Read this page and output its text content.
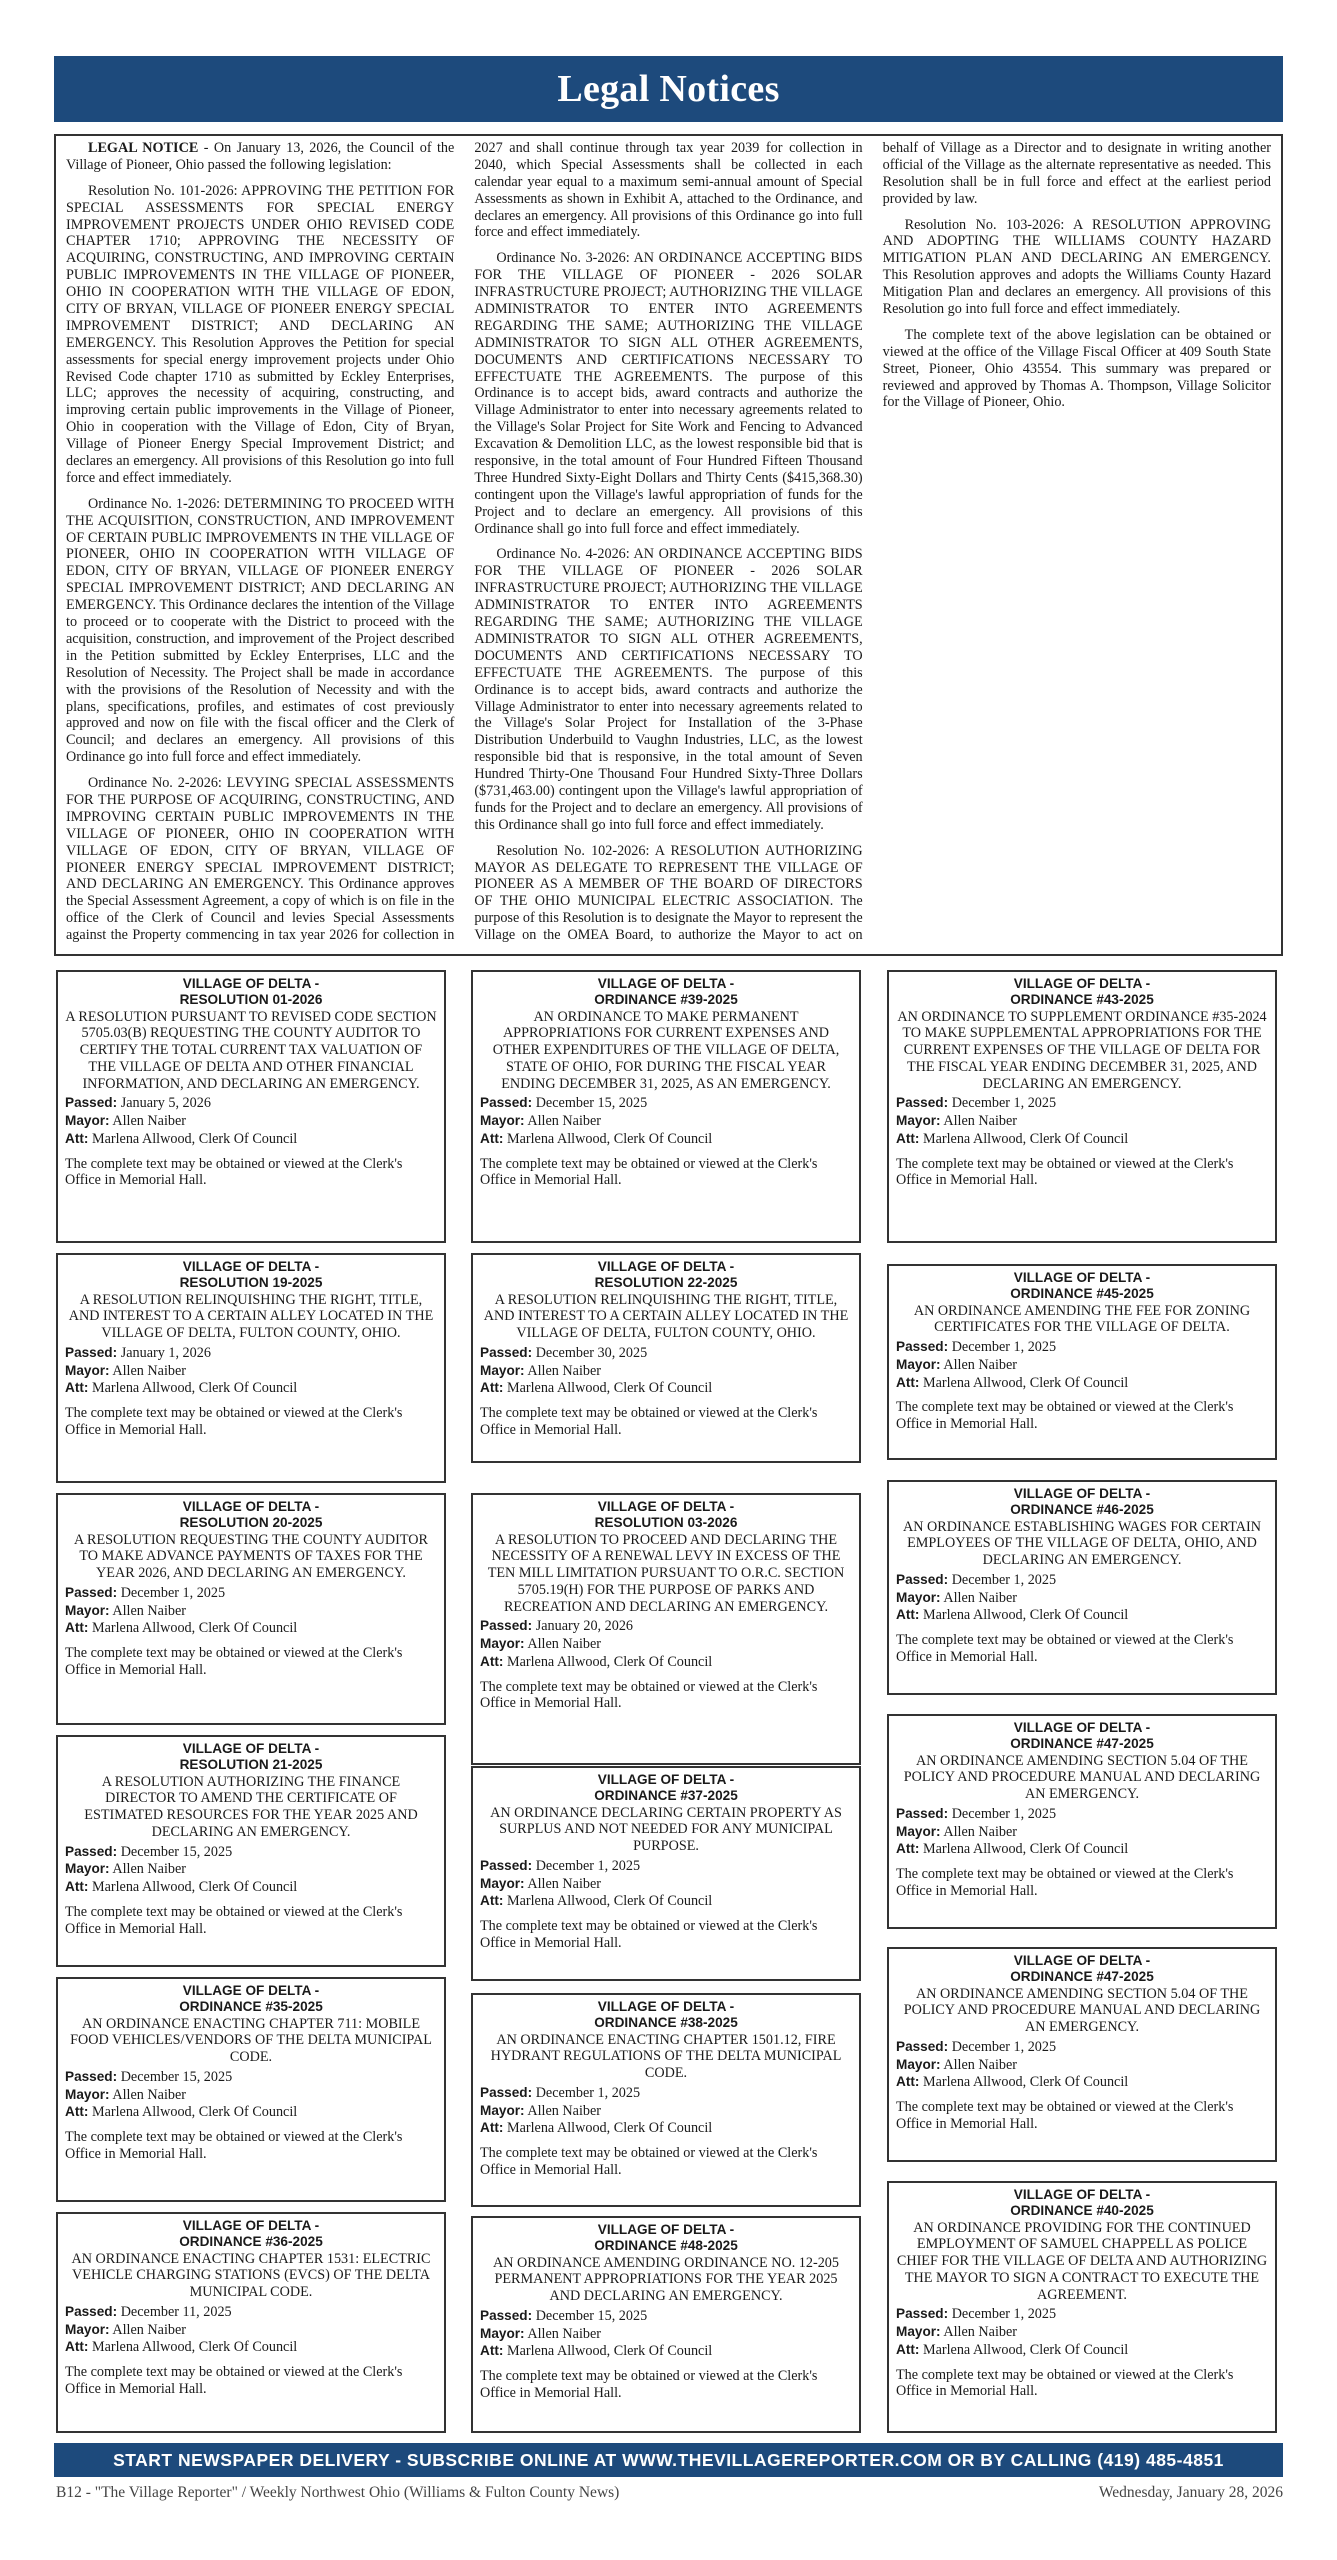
Legal Notices

LEGAL NOTICE - On January 13, 2026, the Council of the Village of Pioneer, Ohio passed the following legislation:

Resolution No. 101-2026: APPROVING THE PETITION FOR SPECIAL ASSESSMENTS FOR SPECIAL ENERGY IMPROVEMENT PROJECTS UNDER OHIO REVISED CODE CHAPTER 1710; APPROVING THE NECESSITY OF ACQUIRING, CONSTRUCTING, AND IMPROVING CERTAIN PUBLIC IMPROVEMENTS IN THE VILLAGE OF PIONEER, OHIO IN COOPERATION WITH THE VILLAGE OF EDON, CITY OF BRYAN, VILLAGE OF PIONEER ENERGY SPECIAL IMPROVEMENT DISTRICT; AND DECLARING AN EMERGENCY. This Resolution Approves the Petition for special assessments for special energy improvement projects under Ohio Revised Code chapter 1710 as submitted by Eckley Enterprises, LLC; approves the necessity of acquiring, constructing, and improving certain public improvements in the Village of Pioneer, Ohio in cooperation with the Village of Edon, City of Bryan, Village of Pioneer Energy Special Improvement District; and declares an emergency. All provisions of this Resolution go into full force and effect immediately.

Ordinance No. 1-2026: DETERMINING TO PROCEED WITH THE ACQUISITION, CONSTRUCTION, AND IMPROVEMENT OF CERTAIN PUBLIC IMPROVEMENTS IN THE VILLAGE OF PIONEER, OHIO IN COOPERATION WITH VILLAGE OF EDON, CITY OF BRYAN, VILLAGE OF PIONEER ENERGY SPECIAL IMPROVEMENT DISTRICT; AND DECLARING AN EMERGENCY. This Ordinance declares the intention of the Village to proceed or to cooperate with the District to proceed with the acquisition, construction, and improvement of the Project described in the Petition submitted by Eckley Enterprises, LLC and the Resolution of Necessity. The Project shall be made in accordance with the provisions of the Resolution of Necessity and with the plans, specifications, profiles, and estimates of cost previously approved and now on file with the fiscal officer and the Clerk of Council; and declares an emergency. All provisions of this Ordinance go into full force and effect immediately.

Ordinance No. 2-2026: LEVYING SPECIAL ASSESSMENTS FOR THE PURPOSE OF ACQUIRING, CONSTRUCTING, AND IMPROVING CERTAIN PUBLIC IMPROVEMENTS IN THE VILLAGE OF PIONEER, OHIO IN COOPERATION WITH VILLAGE OF EDON, CITY OF BRYAN, VILLAGE OF PIONEER ENERGY SPECIAL IMPROVEMENT DISTRICT; AND DECLARING AN EMERGENCY. This Ordinance approves the Special Assessment Agreement, a copy of which is on file in the office of the Clerk of Council and levies Special Assessments against the Property commencing in tax year 2026 for collection in 2027 and shall continue through tax year 2039 for collection in 2040, which Special Assessments shall be collected in each calendar year equal to a maximum semi-annual amount of Special Assessments as shown in Exhibit A, attached to the Ordinance, and declares an emergency. All provisions of this Ordinance go into full force and effect immediately.

Ordinance No. 3-2026: AN ORDINANCE ACCEPTING BIDS FOR THE VILLAGE OF PIONEER - 2026 SOLAR INFRASTRUCTURE PROJECT; AUTHORIZING THE VILLAGE ADMINISTRATOR TO ENTER INTO AGREEMENTS REGARDING THE SAME; AUTHORIZING THE VILLAGE ADMINISTRATOR TO SIGN ALL OTHER AGREEMENTS, DOCUMENTS AND CERTIFICATIONS NECESSARY TO EFFECTUATE THE AGREEMENTS. The purpose of this Ordinance is to accept bids, award contracts and authorize the Village Administrator to enter into necessary agreements related to the Village's Solar Project for Site Work and Fencing to Advanced Excavation & Demolition LLC, as the lowest responsible bid that is responsive, in the total amount of Four Hundred Fifteen Thousand Three Hundred Sixty-Eight Dollars and Thirty Cents ($415,368.30) contingent upon the Village's lawful appropriation of funds for the Project and to declare an emergency. All provisions of this Ordinance shall go into full force and effect immediately.

Ordinance No. 4-2026: AN ORDINANCE ACCEPTING BIDS FOR THE VILLAGE OF PIONEER - 2026 SOLAR INFRASTRUCTURE PROJECT; AUTHORIZING THE VILLAGE ADMINISTRATOR TO ENTER INTO AGREEMENTS REGARDING THE SAME; AUTHORIZING THE VILLAGE ADMINISTRATOR TO SIGN ALL OTHER AGREEMENTS, DOCUMENTS AND CERTIFICATIONS NECESSARY TO EFFECTUATE THE AGREEMENTS. The purpose of this Ordinance is to accept bids, award contracts and authorize the Village Administrator to enter into necessary agreements related to the Village's Solar Project for Installation of the 3-Phase Distribution Underbuild to Vaughn Industries, LLC, as the lowest responsible bid that is responsive, in the total amount of Seven Hundred Thirty-One Thousand Four Hundred Sixty-Three Dollars ($731,463.00) contingent upon the Village's lawful appropriation of funds for the Project and to declare an emergency. All provisions of this Ordinance shall go into full force and effect immediately.

Resolution No. 102-2026: A RESOLUTION AUTHORIZING MAYOR AS DELEGATE TO REPRESENT THE VILLAGE OF PIONEER AS A MEMBER OF THE BOARD OF DIRECTORS OF THE OHIO MUNICIPAL ELECTRIC ASSOCIATION. The purpose of this Resolution is to designate the Mayor to represent the Village on the OMEA Board, to authorize the Mayor to act on behalf of Village as a Director and to designate in writing another official of the Village as the alternate representative as needed. This Resolution shall be in full force and effect at the earliest period provided by law.

Resolution No. 103-2026: A RESOLUTION APPROVING AND ADOPTING THE WILLIAMS COUNTY HAZARD MITIGATION PLAN AND DECLARING AN EMERGENCY. This Resolution approves and adopts the Williams County Hazard Mitigation Plan and declares an emergency. All provisions of this Resolution go into full force and effect immediately.

The complete text of the above legislation can be obtained or viewed at the office of the Village Fiscal Officer at 409 South State Street, Pioneer, Ohio 43554. This summary was prepared or reviewed and approved by Thomas A. Thompson, Village Solicitor for the Village of Pioneer, Ohio.

VILLAGE OF DELTA -
RESOLUTION 01-2026
A RESOLUTION PURSUANT TO REVISED CODE SECTION 5705.03(B) REQUESTING THE COUNTY AUDITOR TO CERTIFY THE TOTAL CURRENT TAX VALUATION OF THE VILLAGE OF DELTA AND OTHER FINANCIAL INFORMATION, AND DECLARING AN EMERGENCY.
Passed: January 5, 2026
Mayor: Allen Naiber
Att: Marlena Allwood, Clerk Of Council
The complete text may be obtained or viewed at the Clerk's Office in Memorial Hall.
VILLAGE OF DELTA -
RESOLUTION 19-2025
A RESOLUTION RELINQUISHING THE RIGHT, TITLE, AND INTEREST TO A CERTAIN ALLEY LOCATED IN THE VILLAGE OF DELTA, FULTON COUNTY, OHIO.
Passed: January 1, 2026
Mayor: Allen Naiber
Att: Marlena Allwood, Clerk Of Council
The complete text may be obtained or viewed at the Clerk's Office in Memorial Hall.
VILLAGE OF DELTA -
RESOLUTION 20-2025
A RESOLUTION REQUESTING THE COUNTY AUDITOR TO MAKE ADVANCE PAYMENTS OF TAXES FOR THE YEAR 2026, AND DECLARING AN EMERGENCY.
Passed: December 1, 2025
Mayor: Allen Naiber
Att: Marlena Allwood, Clerk Of Council
The complete text may be obtained or viewed at the Clerk's Office in Memorial Hall.
VILLAGE OF DELTA -
RESOLUTION 21-2025
A RESOLUTION AUTHORIZING THE FINANCE DIRECTOR TO AMEND THE CERTIFICATE OF ESTIMATED RESOURCES FOR THE YEAR 2025 AND DECLARING AN EMERGENCY.
Passed: December 15, 2025
Mayor: Allen Naiber
Att: Marlena Allwood, Clerk Of Council
The complete text may be obtained or viewed at the Clerk's Office in Memorial Hall.
VILLAGE OF DELTA -
ORDINANCE #35-2025
AN ORDINANCE ENACTING CHAPTER 711: MOBILE FOOD VEHICLES/VENDORS OF THE DELTA MUNICIPAL CODE.
Passed: December 15, 2025
Mayor: Allen Naiber
Att: Marlena Allwood, Clerk Of Council
The complete text may be obtained or viewed at the Clerk's Office in Memorial Hall.
VILLAGE OF DELTA -
ORDINANCE #36-2025
AN ORDINANCE ENACTING CHAPTER 1531: ELECTRIC VEHICLE CHARGING STATIONS (EVCS) OF THE DELTA MUNICIPAL CODE.
Passed: December 11, 2025
Mayor: Allen Naiber
Att: Marlena Allwood, Clerk Of Council
The complete text may be obtained or viewed at the Clerk's Office in Memorial Hall.
VILLAGE OF DELTA -
ORDINANCE #39-2025
AN ORDINANCE TO MAKE PERMANENT APPROPRIATIONS FOR CURRENT EXPENSES AND OTHER EXPENDITURES OF THE VILLAGE OF DELTA, STATE OF OHIO, FOR DURING THE FISCAL YEAR ENDING DECEMBER 31, 2025, AS AN EMERGENCY.
Passed: December 15, 2025
Mayor: Allen Naiber
Att: Marlena Allwood, Clerk Of Council
The complete text may be obtained or viewed at the Clerk's Office in Memorial Hall.
VILLAGE OF DELTA -
RESOLUTION 22-2025
A RESOLUTION RELINQUISHING THE RIGHT, TITLE, AND INTEREST TO A CERTAIN ALLEY LOCATED IN THE VILLAGE OF DELTA, FULTON COUNTY, OHIO.
Passed: December 30, 2025
Mayor: Allen Naiber
Att: Marlena Allwood, Clerk Of Council
The complete text may be obtained or viewed at the Clerk's Office in Memorial Hall.
VILLAGE OF DELTA -
RESOLUTION 03-2026
A RESOLUTION TO PROCEED AND DECLARING THE NECESSITY OF A RENEWAL LEVY IN EXCESS OF THE TEN MILL LIMITATION PURSUANT TO O.R.C. SECTION 5705.19(H) FOR THE PURPOSE OF PARKS AND RECREATION AND DECLARING AN EMERGENCY.
Passed: January 20, 2026
Mayor: Allen Naiber
Att: Marlena Allwood, Clerk Of Council
The complete text may be obtained or viewed at the Clerk's Office in Memorial Hall.
VILLAGE OF DELTA -
ORDINANCE #37-2025
AN ORDINANCE DECLARING CERTAIN PROPERTY AS SURPLUS AND NOT NEEDED FOR ANY MUNICIPAL PURPOSE.
Passed: December 1, 2025
Mayor: Allen Naiber
Att: Marlena Allwood, Clerk Of Council
The complete text may be obtained or viewed at the Clerk's Office in Memorial Hall.
VILLAGE OF DELTA -
ORDINANCE #38-2025
AN ORDINANCE ENACTING CHAPTER 1501.12, FIRE HYDRANT REGULATIONS OF THE DELTA MUNICIPAL CODE.
Passed: December 1, 2025
Mayor: Allen Naiber
Att: Marlena Allwood, Clerk Of Council
The complete text may be obtained or viewed at the Clerk's Office in Memorial Hall.
VILLAGE OF DELTA -
ORDINANCE #48-2025
AN ORDINANCE AMENDING ORDINANCE NO. 12-205 PERMANENT APPROPRIATIONS FOR THE YEAR 2025 AND DECLARING AN EMERGENCY.
Passed: December 15, 2025
Mayor: Allen Naiber
Att: Marlena Allwood, Clerk Of Council
The complete text may be obtained or viewed at the Clerk's Office in Memorial Hall.
VILLAGE OF DELTA -
ORDINANCE #43-2025
AN ORDINANCE TO SUPPLEMENT ORDINANCE #35-2024 TO MAKE SUPPLEMENTAL APPROPRIATIONS FOR THE CURRENT EXPENSES OF THE VILLAGE OF DELTA FOR THE FISCAL YEAR ENDING DECEMBER 31, 2025, AND DECLARING AN EMERGENCY.
Passed: December 1, 2025
Mayor: Allen Naiber
Att: Marlena Allwood, Clerk Of Council
The complete text may be obtained or viewed at the Clerk's Office in Memorial Hall.
VILLAGE OF DELTA -
ORDINANCE #45-2025
AN ORDINANCE AMENDING THE FEE FOR ZONING CERTIFICATES FOR THE VILLAGE OF DELTA.
Passed: December 1, 2025
Mayor: Allen Naiber
Att: Marlena Allwood, Clerk Of Council
The complete text may be obtained or viewed at the Clerk's Office in Memorial Hall.
VILLAGE OF DELTA -
ORDINANCE #46-2025
AN ORDINANCE ESTABLISHING WAGES FOR CERTAIN EMPLOYEES OF THE VILLAGE OF DELTA, OHIO, AND DECLARING AN EMERGENCY.
Passed: December 1, 2025
Mayor: Allen Naiber
Att: Marlena Allwood, Clerk Of Council
The complete text may be obtained or viewed at the Clerk's Office in Memorial Hall.
VILLAGE OF DELTA -
ORDINANCE #47-2025
AN ORDINANCE AMENDING SECTION 5.04 OF THE POLICY AND PROCEDURE MANUAL AND DECLARING AN EMERGENCY.
Passed: December 1, 2025
Mayor: Allen Naiber
Att: Marlena Allwood, Clerk Of Council
The complete text may be obtained or viewed at the Clerk's Office in Memorial Hall.
VILLAGE OF DELTA -
ORDINANCE #47-2025
AN ORDINANCE AMENDING SECTION 5.04 OF THE POLICY AND PROCEDURE MANUAL AND DECLARING AN EMERGENCY.
Passed: December 1, 2025
Mayor: Allen Naiber
Att: Marlena Allwood, Clerk Of Council
The complete text may be obtained or viewed at the Clerk's Office in Memorial Hall.
VILLAGE OF DELTA -
ORDINANCE #40-2025
AN ORDINANCE PROVIDING FOR THE CONTINUED EMPLOYMENT OF SAMUEL CHAPPELL AS POLICE CHIEF FOR THE VILLAGE OF DELTA AND AUTHORIZING THE MAYOR TO SIGN A CONTRACT TO EXECUTE THE AGREEMENT.
Passed: December 1, 2025
Mayor: Allen Naiber
Att: Marlena Allwood, Clerk Of Council
The complete text may be obtained or viewed at the Clerk's Office in Memorial Hall.
START NEWSPAPER DELIVERY - SUBSCRIBE ONLINE AT WWW.THEVILLAGEREPORTER.COM OR BY CALLING (419) 485-4851
B12 - "The Village Reporter" / Weekly Northwest Ohio (Williams & Fulton County News)	Wednesday, January 28, 2026
